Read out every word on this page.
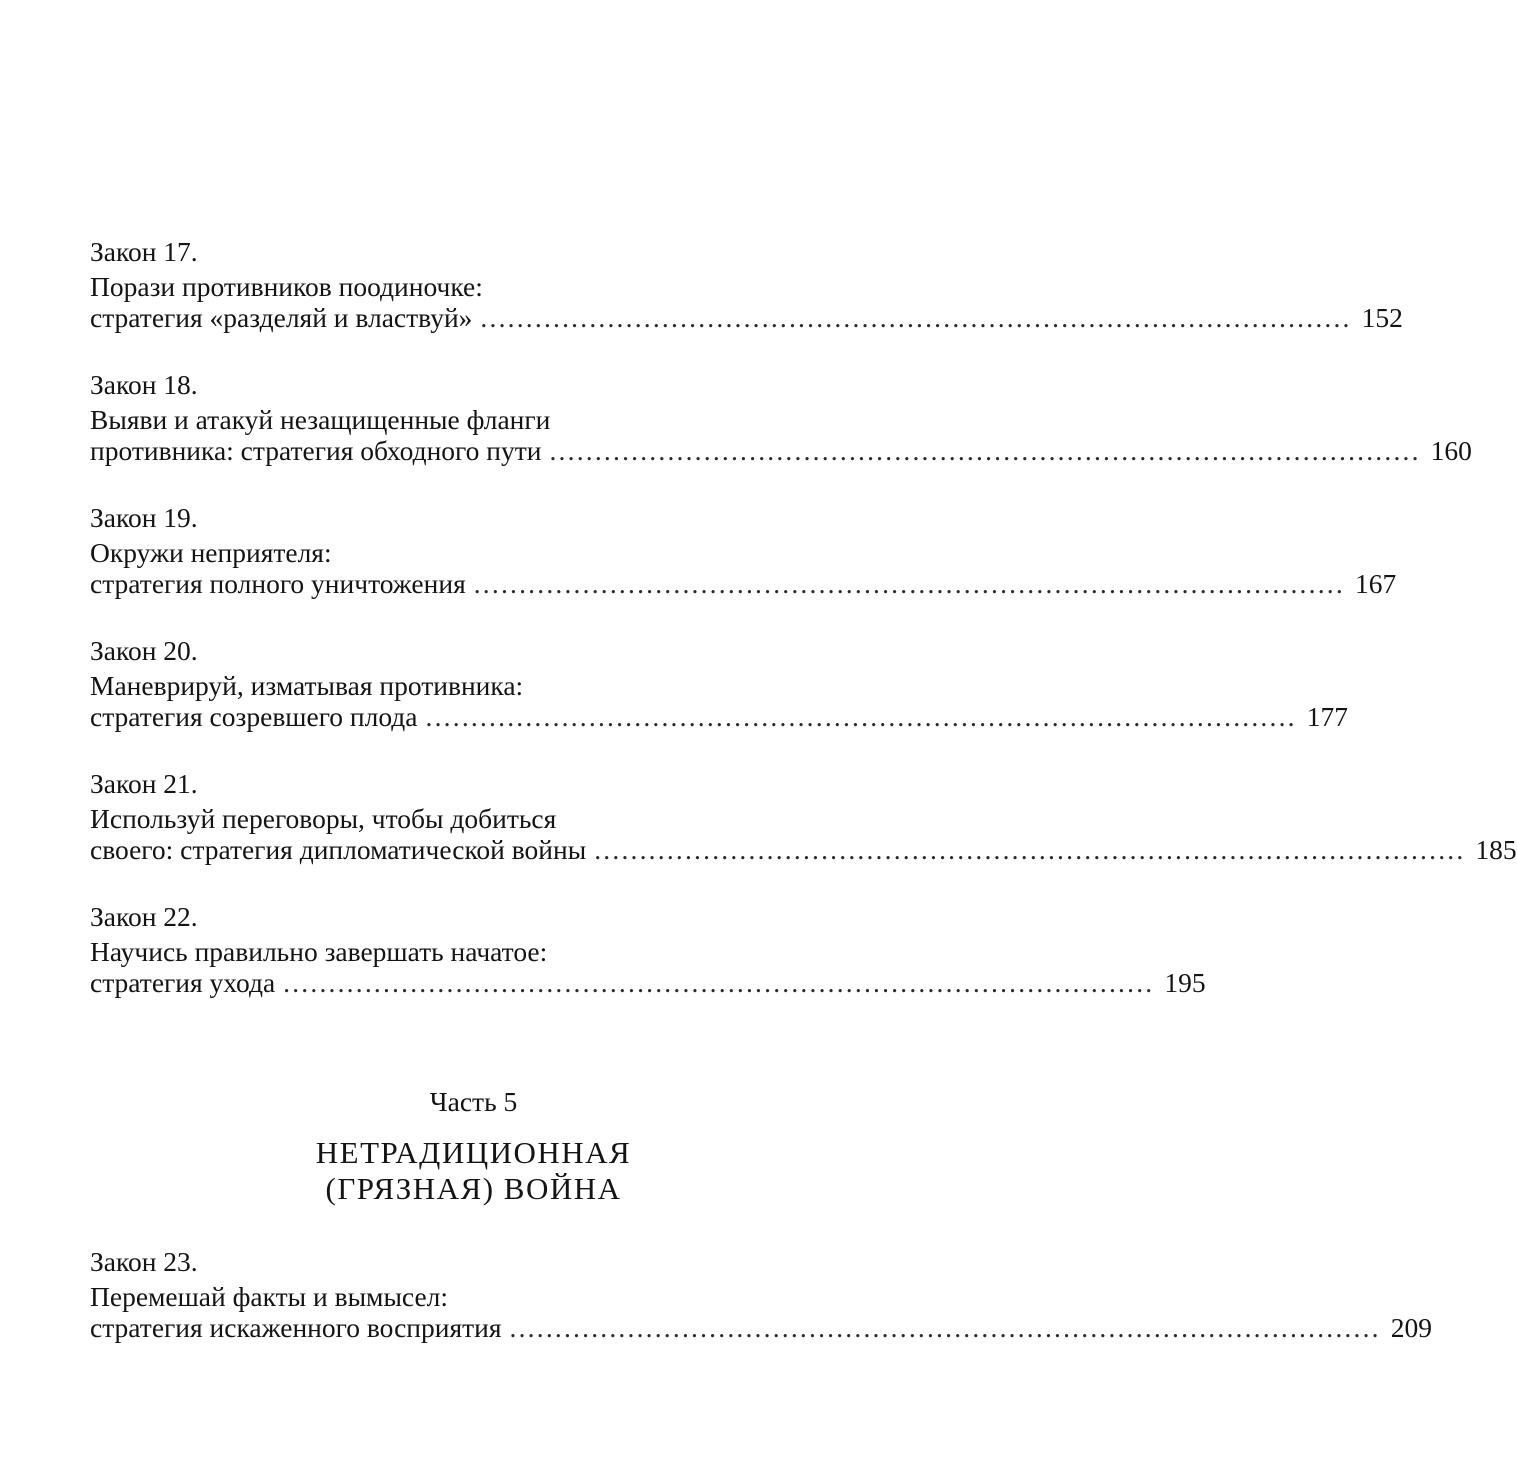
Закон 17.
Порази противников поодиночке:
стратегия «разделяй и властвуй» ................................................................................................ 152
Закон 18.
Выяви и атакуй незащищенные фланги
противника: стратегия обходного пути ................................................................................................ 160
Закон 19.
Окружи неприятеля:
стратегия полного уничтожения ................................................................................................ 167
Закон 20.
Маневрируй, изматывая противника:
стратегия созревшего плода ................................................................................................ 177
Закон 21.
Используй переговоры, чтобы добиться
своего: стратегия дипломатической войны ................................................................................................ 185
Закон 22.
Научись правильно завершать начатое:
стратегия ухода ................................................................................................ 195
Часть 5
НЕТРАДИЦИОННАЯ
(ГРЯЗНАЯ) ВОЙНА
Закон 23.
Перемешай факты и вымысел:
стратегия искаженного восприятия ................................................................................................ 209
